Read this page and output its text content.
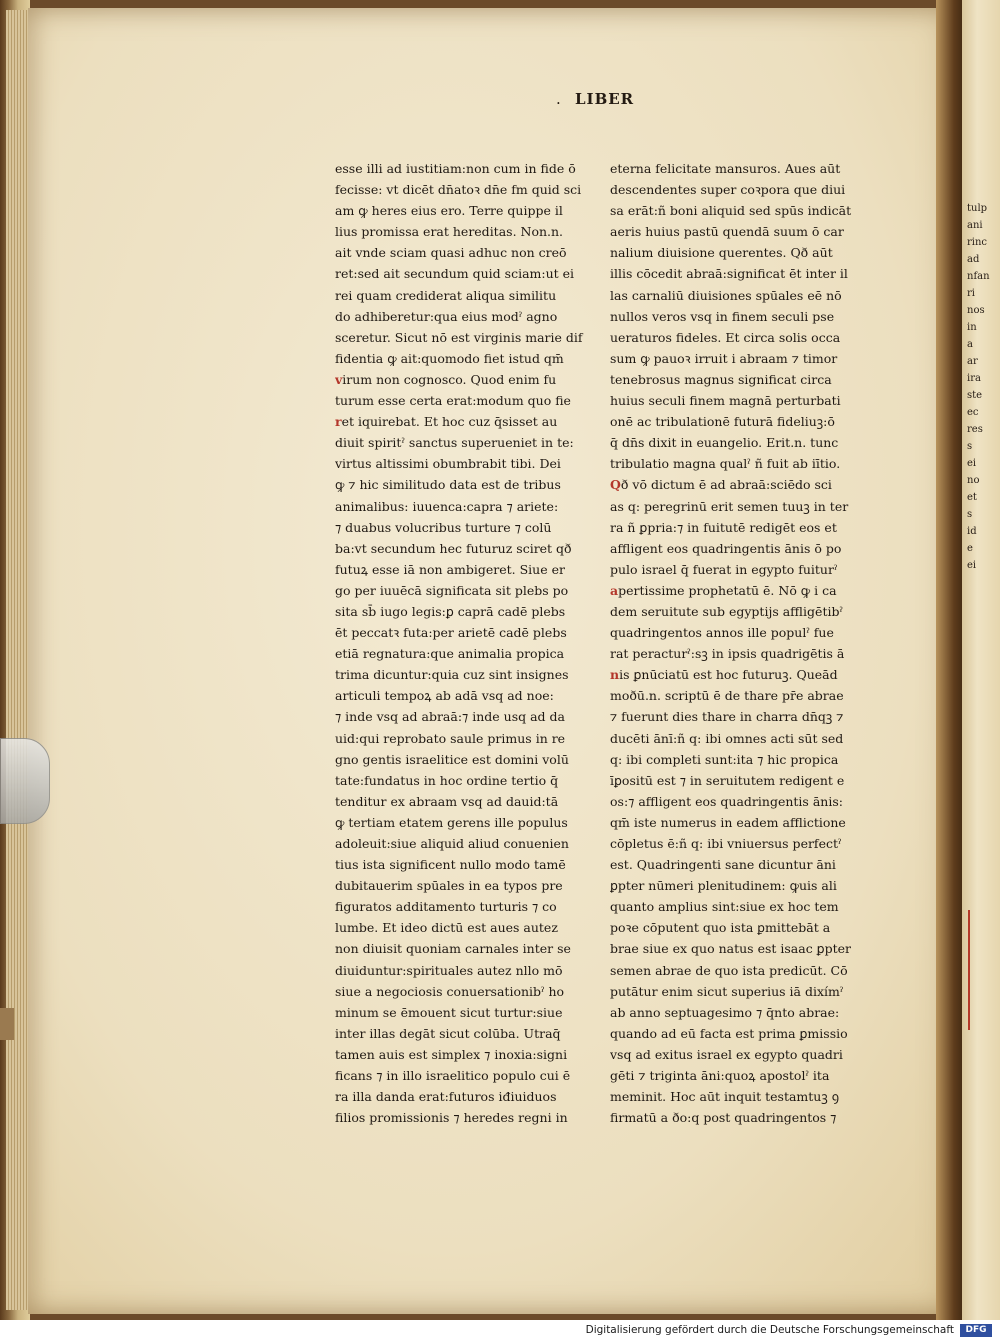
tulp
ani
rinc
ad
nfan
ri
nos
in
a
ar
ira
ste
ec
res
s
ei
no
et
s
id
e
ei
. LIBER
esse illi ad iustitiam:non cum in fide ō
fecisse: vt dicēt dn̄atoꝛ dn̄e fm quid sci
am ꝙ heres eius ero. Terre quippe il
lius promissa erat hereditas. Non.n.
ait vnde sciam quasi adhuc non creō
ret:sed ait secundum quid sciam:ut ei
rei quam crediderat aliqua similitu
do adhiberetur:qua eius modˀ agno
sceretur. Sicut nō est virginis marie dif
fidentia ꝙ ait:quomodo fiet istud qm̄
virum non cognosco. Quod enim fu
turum esse certa erat:modum quo fie
ret iquirebat. Et hoc cuz q̄sisset au
diuit spiritˀ sanctus superueniet in te:
virtus altissimi obumbrabit tibi. Dei
ꝙ ⁊ hic similitudo data est de tribus
animalibus: iuuenca:capra ⁊ ariete:
⁊ duabus volucribus turture ⁊ colū
ba:vt secundum hec futuruz sciret qð
futuꝝ esse iā non ambigeret. Siue er
go per iuuēcā significata sit plebs po
sita sb̄ iugo legis:ꝑ caprā cadē plebs
ēt peccatꝛ futa:per arietē cadē plebs
etiā regnatura:que animalia propica
trima dicuntur:quia cuz sint insignes
articuli tempoꝝ ab adā vsq ad noe:
⁊ inde vsq ad abraā:⁊ inde usq ad da
uid:qui reprobato saule primus in re
gno gentis israelitice est domini volū
tate:fundatus in hoc ordine tertio q̄
tenditur ex abraam vsq ad dauid:tā
ꝙ tertiam etatem gerens ille populus
adoleuit:siue aliquid aliud conuenien
tius ista significent nullo modo tamē
dubitauerim spūales in ea typos pre
figuratos additamento turturis ⁊ co
lumbe. Et ideo dictū est aues autez
non diuisit quoniam carnales inter se
diuiduntur:spirituales autez nllo mō
siue a negociosis conuersationibˀ ho
minum se ēmouent sicut turtur:siue
inter illas degāt sicut colūba. Utraq̄
tamen auis est simplex ⁊ inoxia:signi
ficans ⁊ in illo israelitico populo cui ē
ra illa danda erat:futuros iđiuiduos
filios promissionis ⁊ heredes regni in
eterna felicitate mansuros. Aues aūt
descendentes super coꝛpora que diui
sa erāt:ñ boni aliquid sed spūs indicāt
aeris huius pastū quendā suum ō car
nalium diuisione querentes. Qð aūt
illis cōcedit abraā:significat ēt inter il
las carnaliū diuisiones spūales eē nō
nullos veros vsq in finem seculi pse
ueraturos fideles. Et circa solis occa
sum ꝙ pauoꝛ irruit i abraam ⁊ timor
tenebrosus magnus significat circa
huius seculi finem magnā perturbati
onē ac tribulationē futurā fideliuꝫ:ō
q̄ dn̄s dixit in euangelio. Erit.n. tunc
tribulatio magna qualˀ ñ fuit ab iītio.
Qð vō dictum ē ad abraā:sciēdo sci
as q: peregrinū erit semen tuuꝫ in ter
ra ñ ꝑpria:⁊ in fuitutē redigēt eos et
affligent eos quadringentis ānis ō po
pulo israel q̄ fuerat in egypto fuiturˀ
apertissime prophetatū ē. Nō ꝙ i ca
dem seruitute sub egyptijs affligētibˀ
quadringentos annos ille populˀ fue
rat peracturˀ:sꝫ in ipsis quadrigētis ā
nis ꝑnūciatū est hoc futuruꝫ. Queād
moðū.n. scriptū ē de thare pr̄e abrae
⁊ fuerunt dies thare in charra dn̄qꝫ ⁊
ducēti ānī:ñ q: ibi omnes acti sūt sed
q: ibi completi sunt:ita ⁊ hic propica
īꝑositū est ⁊ in seruitutem redigent e
os:⁊ affligent eos quadringentis ānis:
qm̄ iste numerus in eadem afflictione
cōpletus ē:ñ q: ibi vniuersus perfectˀ
est. Quadringenti sane dicuntur āni
ꝑpter nūmeri plenitudinem: ꝙuis ali
quanto amplius sint:siue ex hoc tem
poꝛe cōputent quo ista ꝑmittebāt a
brae siue ex quo natus est isaac ꝑpter
semen abrae de quo ista predicūt. Cō
putātur enim sicut superius iā dixímˀ
ab anno septuagesimo ⁊ q̄nto abrae:
quando ad eū facta est prima ꝑmissio
vsq ad exitus israel ex egypto quadri
gēti ⁊ triginta āni:quoꝝ apostolˀ ita
meminit. Hoc aūt inquit testamtuꝫ ꝯ
firmatū a ðo:q post quadringentos ⁊
Digitalisierung gefördert durch die Deutsche Forschungsgemeinschaft	DFG
